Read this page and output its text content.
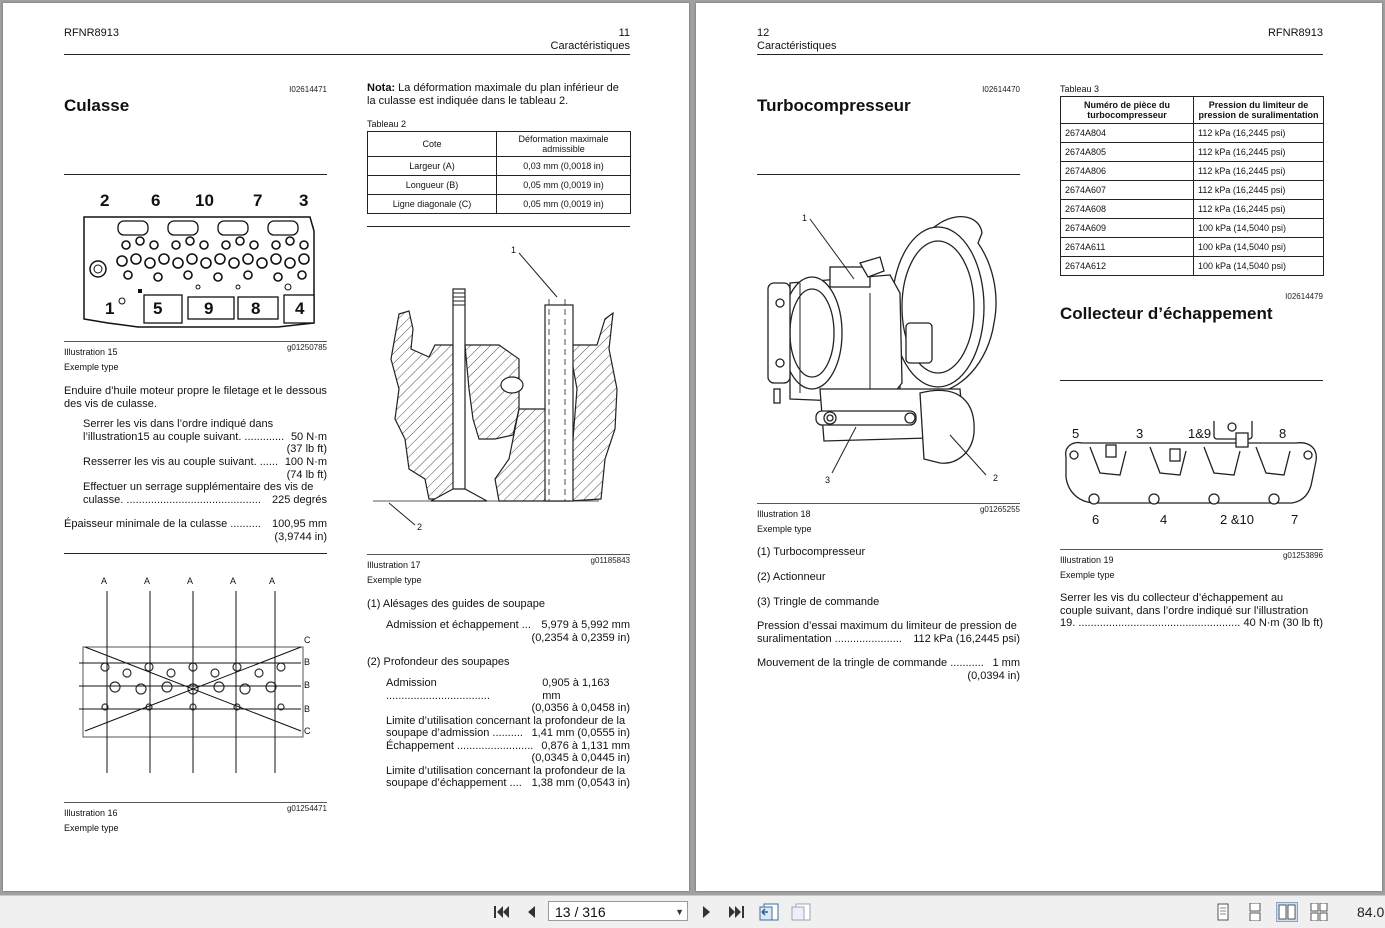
RFNR8913	11
Caractéristiques
I02614471
Culasse
2 6 10 7 3
1 5 9 8 4
Illustration 15	g01250785
Exemple type
Enduire d’huile moteur propre le filetage et le dessous des vis de culasse.
Serrer les vis dans l’ordre indiqué dans
l’illustration15 au couple suivant. ............. 50 N·m
(37 lb ft)
Resserrer les vis au couple suivant. ...... 100 N·m
(74 lb ft)
Effectuer un serrage supplémentaire des vis de
culasse. ............................................ 225 degrés
Épaisseur minimale de la culasse .......... 100,95 mm
(3,9744 in)
A	A	A	A	A
C
B
B
B
C
Illustration 16	g01254471
Exemple type
Nota: La déformation maximale du plan inférieur de la culasse est indiquée dans le tableau 2.
Tableau 2
Cote	Déformation maximale admissible
Largeur (A)	0,03 mm (0,0018 in)
Longueur (B)	0,05 mm (0,0019 in)
Ligne diagonale (C)	0,05 mm (0,0019 in)
1
2
Illustration 17	g01185843
Exemple type
(1) Alésages des guides de soupape
Admission et échappement ... 5,979 à 5,992 mm
(0,2354 à 0,2359 in)
(2) Profondeur des soupapes
Admission ..................................
0,905 à 1,163 mm
(0,0356 à 0,0458 in)
Limite d’utilisation concernant la profondeur de la
soupape d’admission .......... 1,41 mm (0,0555 in)
Échappement ......................... 0,876 à 1,131 mm
(0,0345 à 0,0445 in)
Limite d’utilisation concernant la profondeur de la
soupape d’échappement .... 1,38 mm (0,0543 in)
12	RFNR8913
Caractéristiques
I02614470
Turbocompresseur
1
2
3
Illustration 18	g01265255
Exemple type
(1) Turbocompresseur
(2) Actionneur
(3) Tringle de commande
Pression d’essai maximum du limiteur de pression de
suralimentation ...................... 112 kPa (16,2445 psi)
Mouvement de la tringle de commande ........... 1 mm
(0,0394 in)
Tableau 3
Numéro de pièce du turbocompresseur	Pression du limiteur de pression de suralimentation
2674A804	112 kPa (16,2445 psi)
2674A805	112 kPa (16,2445 psi)
2674A806	112 kPa (16,2445 psi)
2674A607	112 kPa (16,2445 psi)
2674A608	112 kPa (16,2445 psi)
2674A609	100 kPa (14,5040 psi)
2674A611	100 kPa (14,5040 psi)
2674A612	100 kPa (14,5040 psi)
I02614479
Collecteur d’échappement
5	3	1&9	8
6	4	2 &10	7
Illustration 19	g01253896
Exemple type
Serrer les vis du collecteur d’échappement au
couple suivant, dans l’ordre indiqué sur l’illustration
19. ..................................................... 40 N·m (30 lb ft)
13 / 316	▼	84.0
